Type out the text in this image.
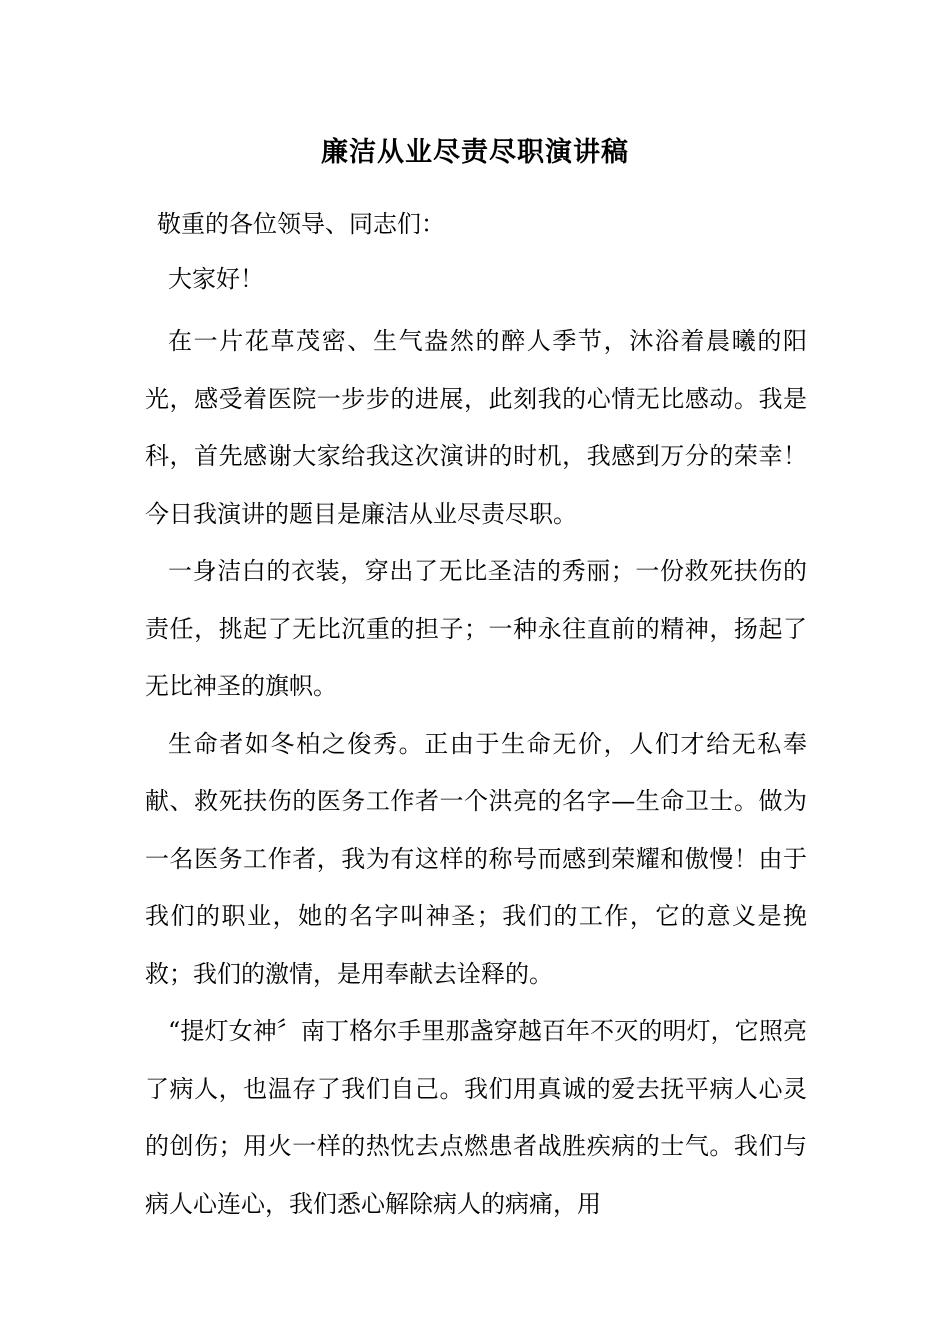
廉洁从业尽责尽职演讲稿

敬重的各位领导、同志们：

大家好！

在一片花草茂密、生气盎然的醉人季节，沐浴着晨曦的阳光，感受着医院一步步的进展，此刻我的心情无比感动。我是科，首先感谢大家给我这次演讲的时机，我感到万分的荣幸！今日我演讲的题目是廉洁从业尽责尽职。

一身洁白的衣装，穿出了无比圣洁的秀丽；一份救死扶伤的责任，挑起了无比沉重的担子；一种永往直前的精神，扬起了无比神圣的旗帜。

生命者如冬柏之俊秀。正由于生命无价，人们才给无私奉献、救死扶伤的医务工作者一个洪亮的名字—生命卫士。做为一名医务工作者，我为有这样的称号而感到荣耀和傲慢！由于我们的职业，她的名字叫神圣；我们的工作，它的意义是挽救；我们的激情，是用奉献去诠释的。

“提灯女神〞南丁格尔手里那盏穿越百年不灭的明灯，它照亮了病人，也温存了我们自己。我们用真诚的爱去抚平病人心灵的创伤；用火一样的热忱去点燃患者战胜疾病的士气。我们与病人心连心，我们悉心解除病人的病痛，用
